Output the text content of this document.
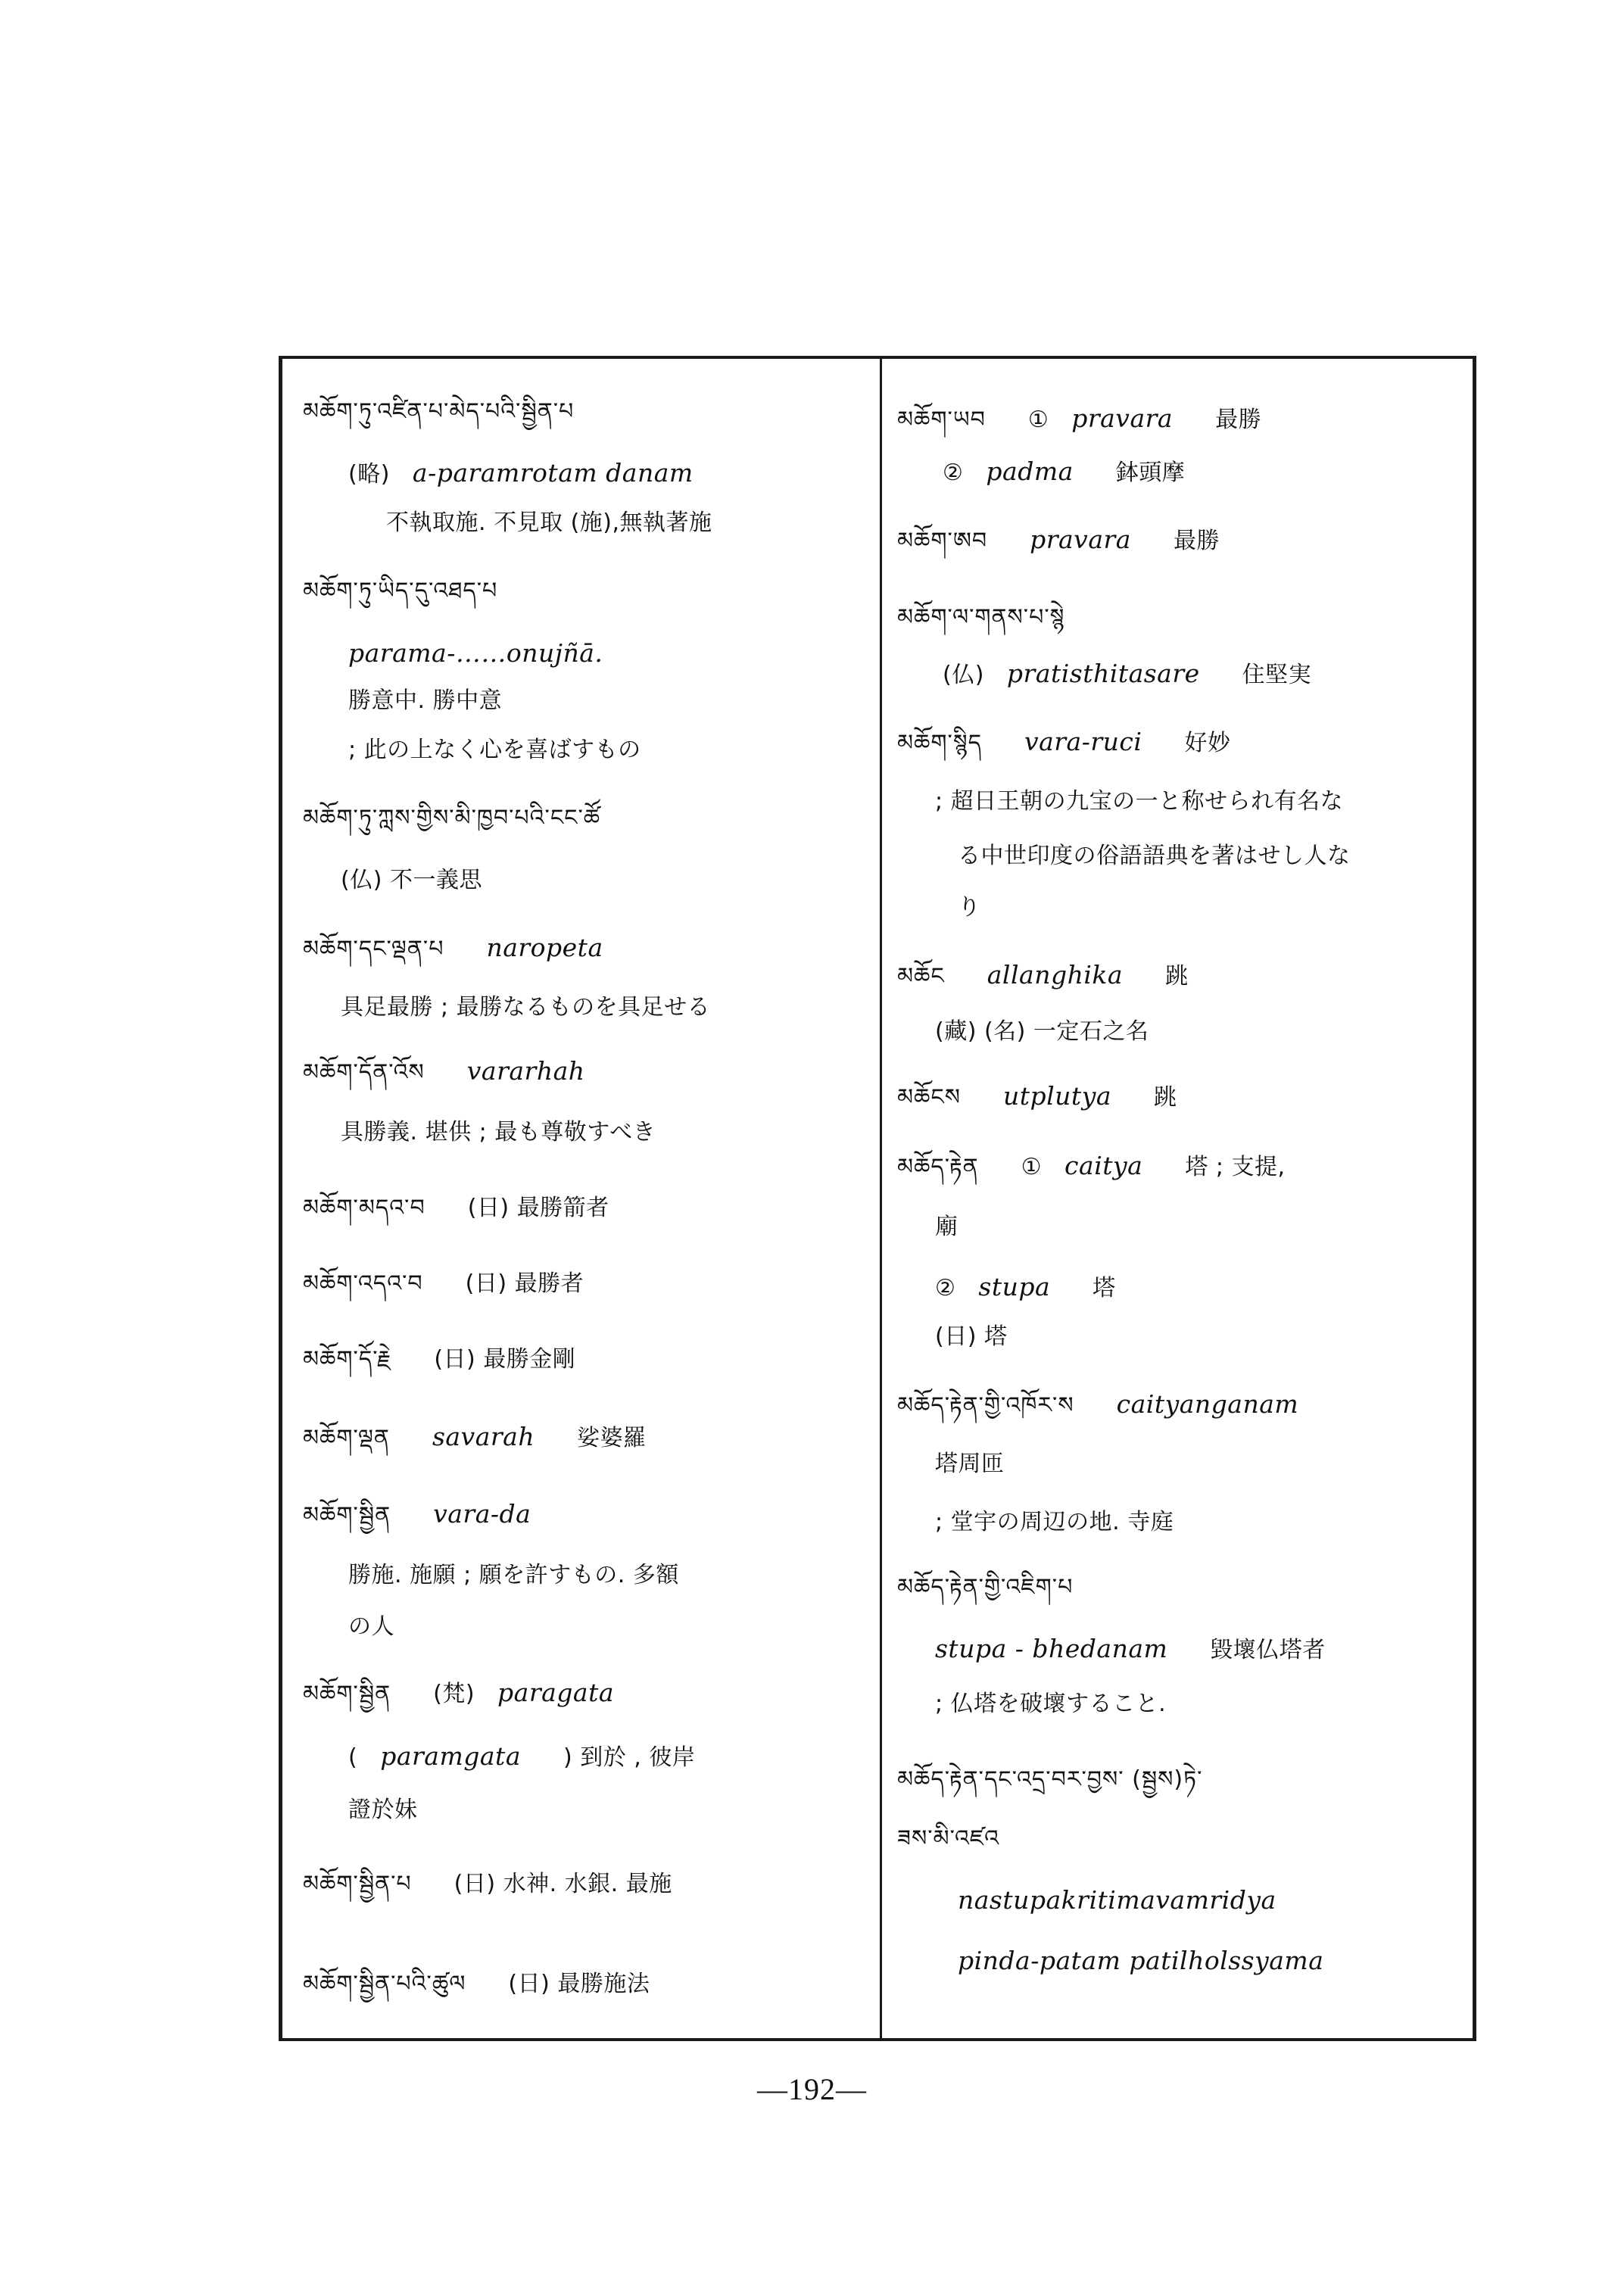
མཆོག་ཏུ་འཛིན་པ་མེད་པའི་སྦྱིན་པ
(略) a-paramrotam danam
不執取施. 不見取 (施),無執著施
མཆོག་ཏུ་ཡིད་དུ་འཐད་པ
parama-……onujñā.
勝意中. 勝中意
; 此の上なく心を喜ばすもの
མཆོག་ཏུ་ཀླས་གྱིས་མི་ཁྱབ་པའི་ངང་ཚོ
(仏) 不一義思
མཆོག་དང་ལྡན་པ naropeta
具足最勝 ; 最勝なるものを具足せる
མཆོག་དོན་འོས vararhah
具勝義. 堪供 ; 最も尊敬すべき
མཆོག་མདའ་བ (日) 最勝箭者
མཆོག་འདའ་བ (日) 最勝者
མཆོག་དོ་རྗེ (日) 最勝金剛
མཆོག་ལྡན savarah 娑婆羅
མཆོག་སྦྱིན vara-da
勝施. 施願 ; 願を許すもの. 多額
の人
མཆོག་སྦྱིན (梵) paragata
( paramgata ) 到於 , 彼岸
證於妹
མཆོག་སྦྱིན་པ (日) 水神. 水銀. 最施
མཆོག་སྦྱིན་པའི་ཚུལ (日) 最勝施法
མཆོག་ཡབ ① pravara 最勝
② padma 鉢頭摩
མཆོག་ཨབ pravara 最勝
མཆོག་ལ་གནས་པ་སྙེ
(仏) pratisthitasare 住堅実
མཆོག་སྙིད vara-ruci 好妙
; 超日王朝の九宝の一と称せられ有名な
る中世印度の俗語語典を著はせし人な
り
མཆོང allanghika 跳
(藏) (名) 一定石之名
མཆོངས utplutya 跳
མཆོད་རྟེན ① caitya 塔 ; 支提,
廟
② stupa 塔
(日) 塔
མཆོད་རྟེན་གྱི་འཁོར་ས caityanganam
塔周匝
; 堂宇の周辺の地. 寺庭
མཆོད་རྟེན་གྱི་འཇིག་པ
stupa - bhedanam 毀壞仏塔者
; 仏塔を破壞すること.
མཆོད་རྟེན་དང་འདྲ་བར་བྱས་ (སྦྱས)ཏེ་
ཟས་མི་འཛའ
nastupakritimavamridya
pinda-patam patilholssyama
—192—
